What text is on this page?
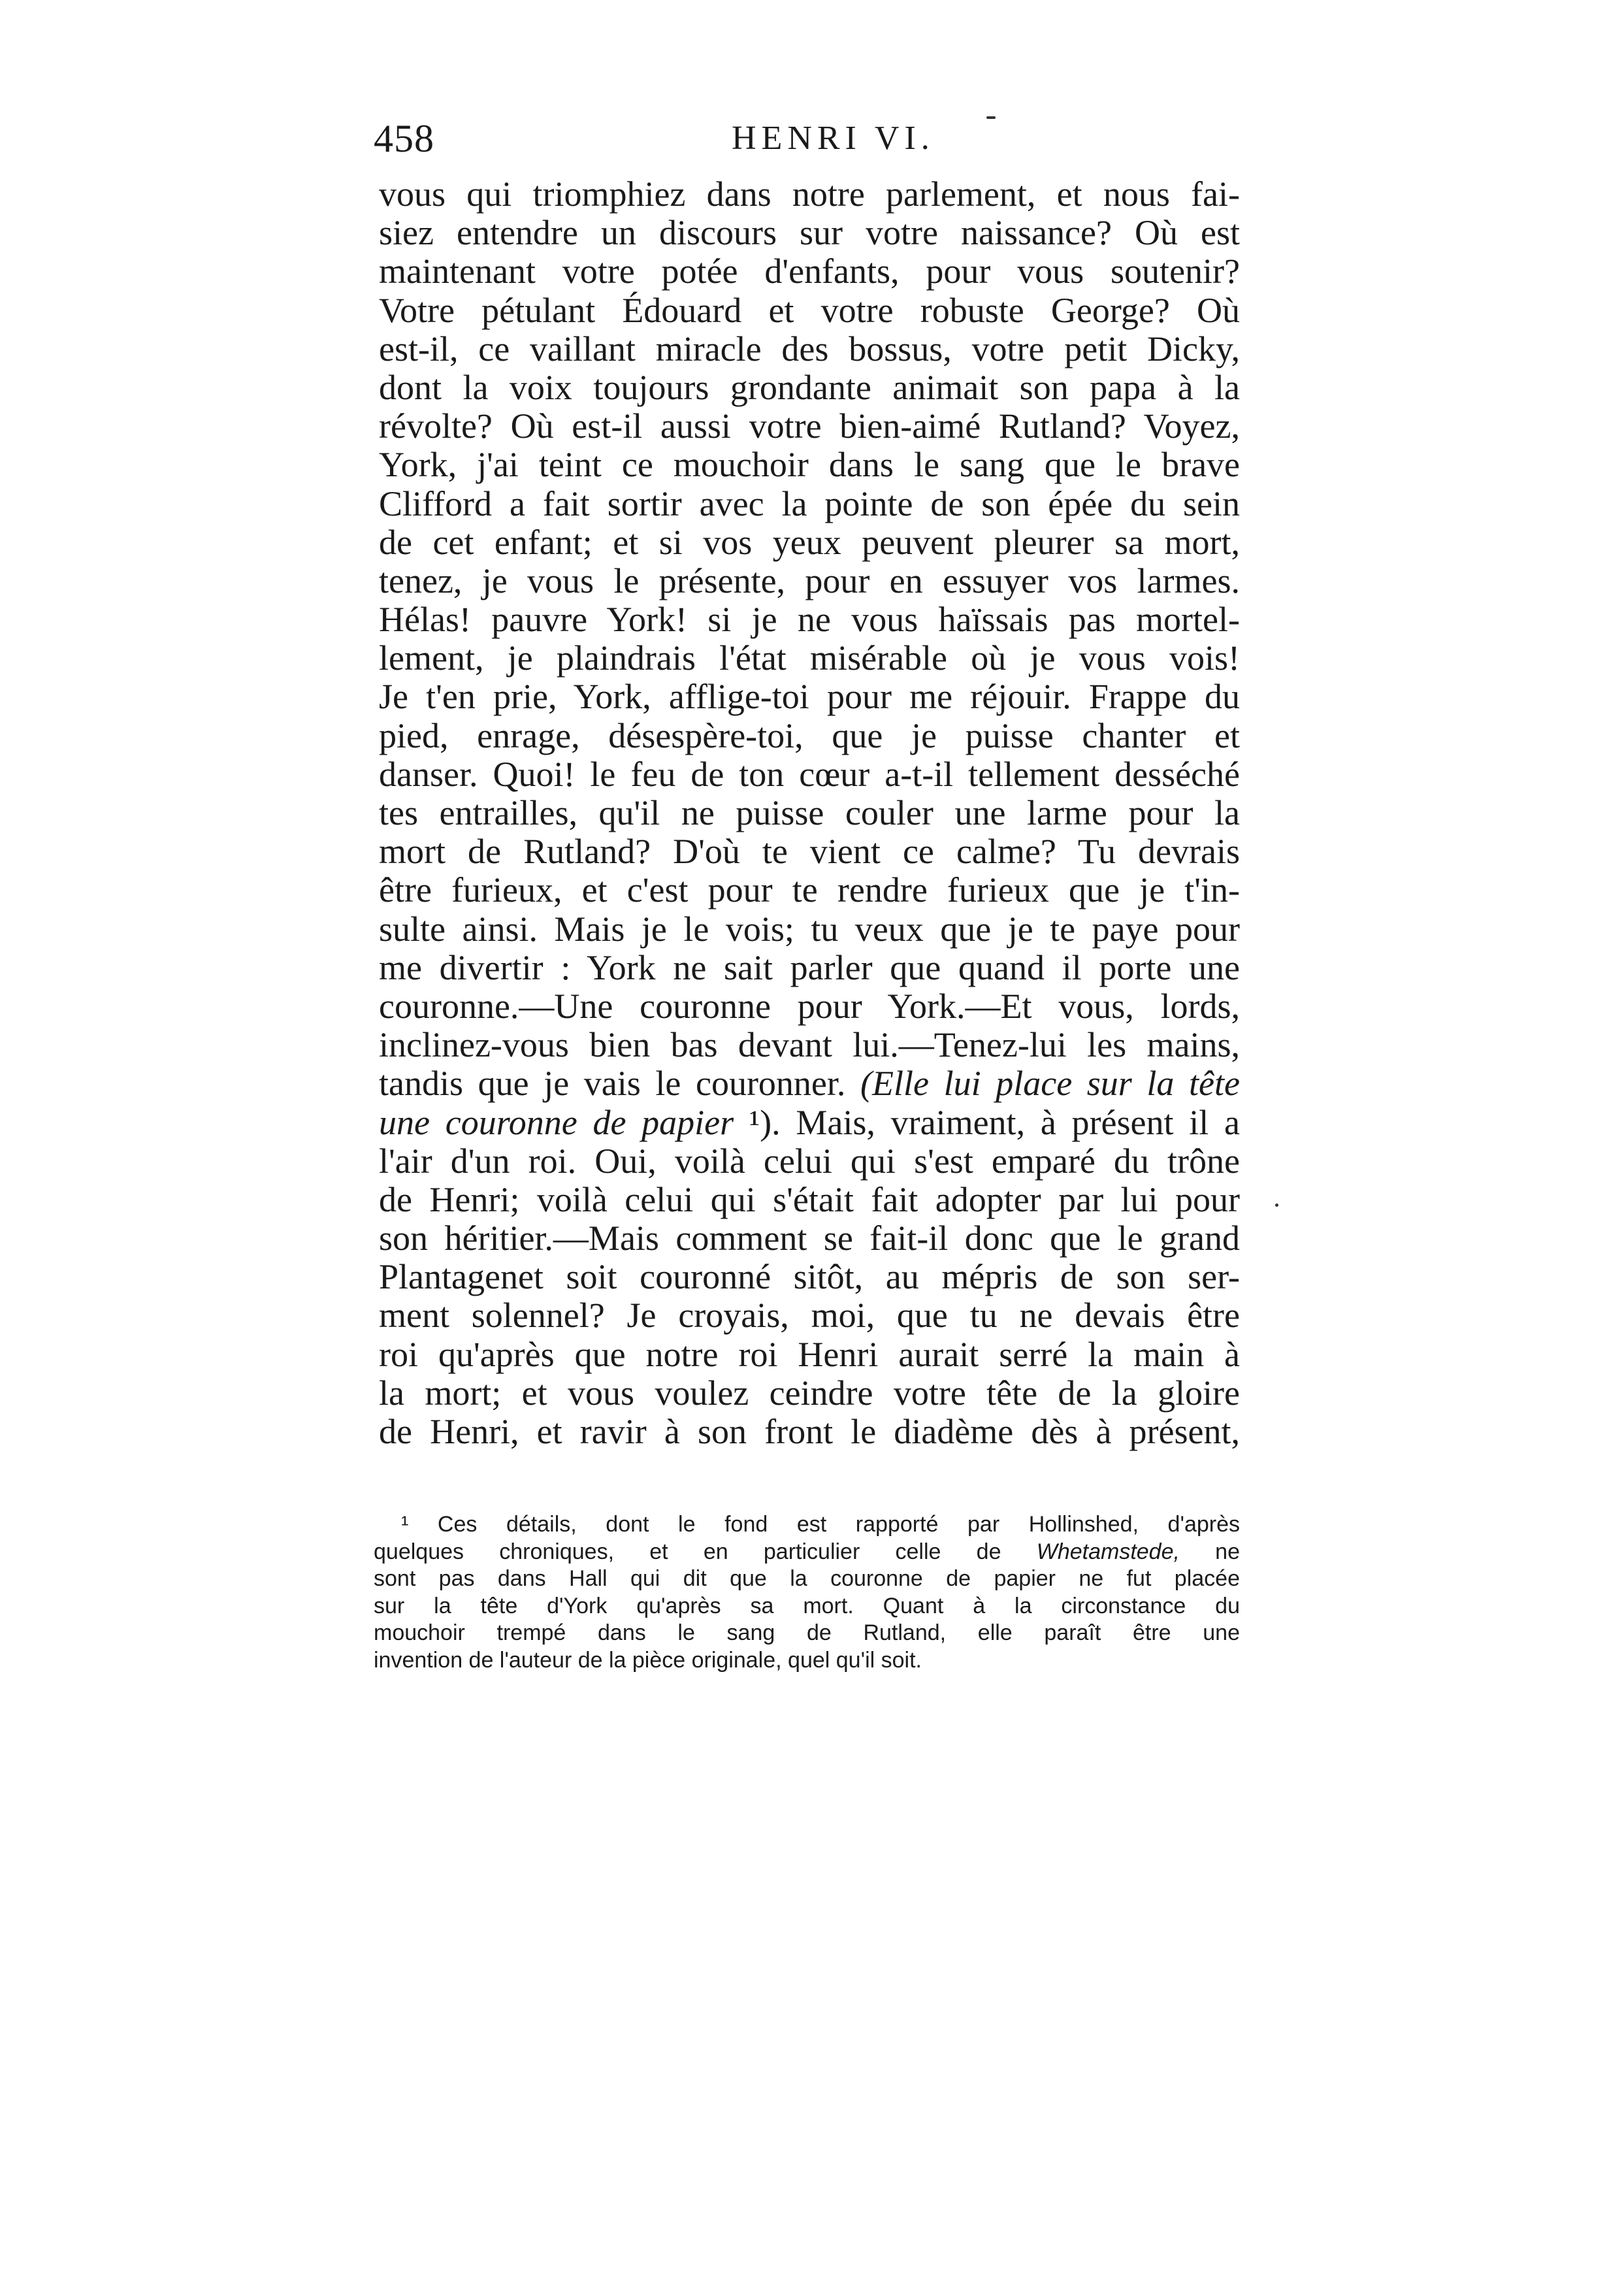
458	HENRI VI.
vous qui triomphiez dans notre parlement, et nous fai-
siez entendre un discours sur votre naissance? Où est
maintenant votre potée d'enfants, pour vous soutenir?
Votre pétulant Édouard et votre robuste George? Où
est-il, ce vaillant miracle des bossus, votre petit Dicky,
dont la voix toujours grondante animait son papa à la
révolte? Où est-il aussi votre bien-aimé Rutland? Voyez,
York, j'ai teint ce mouchoir dans le sang que le brave
Clifford a fait sortir avec la pointe de son épée du sein
de cet enfant; et si vos yeux peuvent pleurer sa mort,
tenez, je vous le présente, pour en essuyer vos larmes.
Hélas! pauvre York! si je ne vous haïssais pas mortel-
lement, je plaindrais l'état misérable où je vous vois!
Je t'en prie, York, afflige-toi pour me réjouir. Frappe du
pied, enrage, désespère-toi, que je puisse chanter et
danser. Quoi! le feu de ton cœur a-t-il tellement desséché
tes entrailles, qu'il ne puisse couler une larme pour la
mort de Rutland? D'où te vient ce calme? Tu devrais
être furieux, et c'est pour te rendre furieux que je t'in-
sulte ainsi. Mais je le vois; tu veux que je te paye pour
me divertir : York ne sait parler que quand il porte une
couronne.—Une couronne pour York.—Et vous, lords,
inclinez-vous bien bas devant lui.—Tenez-lui les mains,
tandis que je vais le couronner. (Elle lui place sur la tête
une couronne de papier ¹). Mais, vraiment, à présent il a
l'air d'un roi. Oui, voilà celui qui s'est emparé du trône
de Henri; voilà celui qui s'était fait adopter par lui pour
son héritier.—Mais comment se fait-il donc que le grand
Plantagenet soit couronné sitôt, au mépris de son ser-
ment solennel? Je croyais, moi, que tu ne devais être
roi qu'après que notre roi Henri aurait serré la main à
la mort; et vous voulez ceindre votre tête de la gloire
de Henri, et ravir à son front le diadème dès à présent,
¹ Ces détails, dont le fond est rapporté par Hollinshed, d'après
quelques chroniques, et en particulier celle de Whetamstede, ne
sont pas dans Hall qui dit que la couronne de papier ne fut placée
sur la tête d'York qu'après sa mort. Quant à la circonstance du
mouchoir trempé dans le sang de Rutland, elle paraît être une
invention de l'auteur de la pièce originale, quel qu'il soit.
